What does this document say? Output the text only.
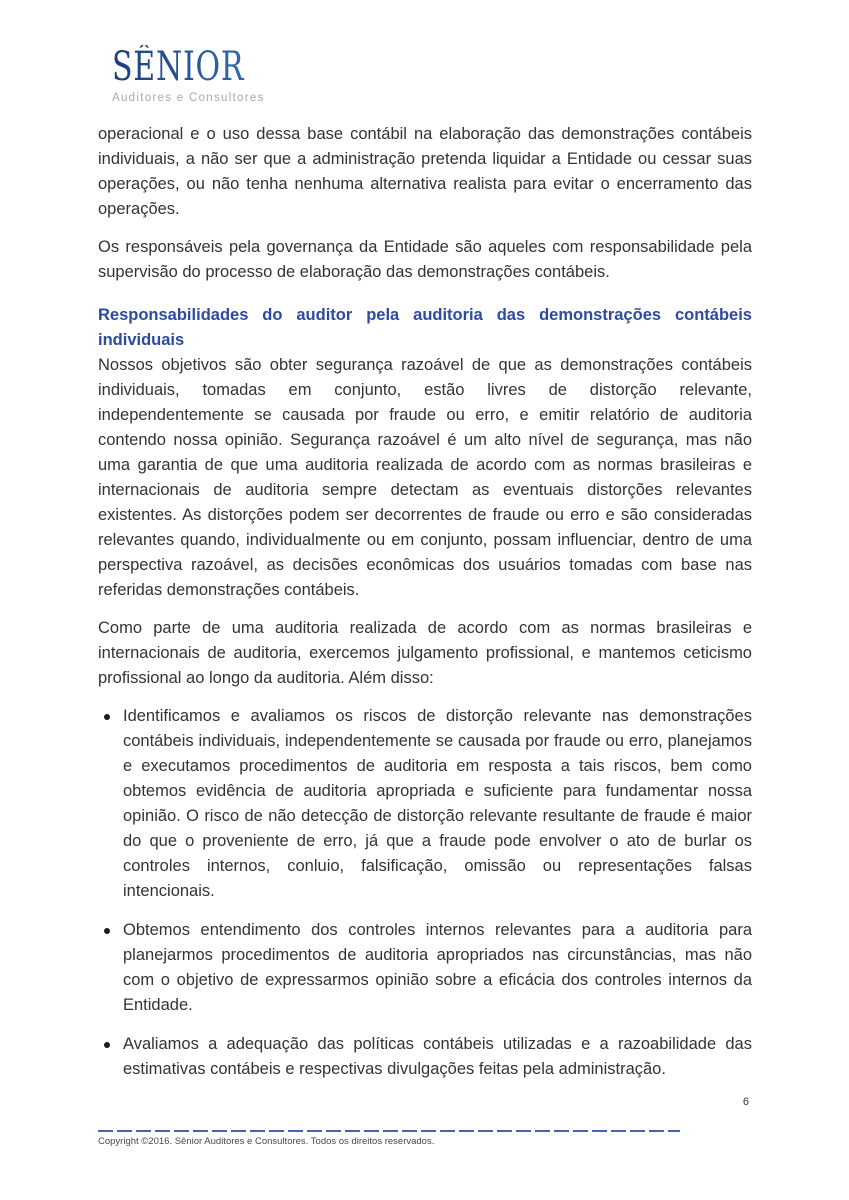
SÊNIOR
Auditores e Consultores

operacional e o uso dessa base contábil na elaboração das demonstrações contábeis individuais, a não ser que a administração pretenda liquidar a Entidade ou cessar suas operações, ou não tenha nenhuma alternativa realista para evitar o encerramento das operações.

Os responsáveis pela governança da Entidade são aqueles com responsabilidade pela supervisão do processo de elaboração das demonstrações contábeis.

Responsabilidades do auditor pela auditoria das demonstrações contábeis individuais

Nossos objetivos são obter segurança razoável de que as demonstrações contábeis individuais, tomadas em conjunto, estão livres de distorção relevante, independentemente se causada por fraude ou erro, e emitir relatório de auditoria contendo nossa opinião. Segurança razoável é um alto nível de segurança, mas não uma garantia de que uma auditoria realizada de acordo com as normas brasileiras e internacionais de auditoria sempre detectam as eventuais distorções relevantes existentes. As distorções podem ser decorrentes de fraude ou erro e são consideradas relevantes quando, individualmente ou em conjunto, possam influenciar, dentro de uma perspectiva razoável, as decisões econômicas dos usuários tomadas com base nas referidas demonstrações contábeis.

Como parte de uma auditoria realizada de acordo com as normas brasileiras e internacionais de auditoria, exercemos julgamento profissional, e mantemos ceticismo profissional ao longo da auditoria. Além disso:

Identificamos e avaliamos os riscos de distorção relevante nas demonstrações contábeis individuais, independentemente se causada por fraude ou erro, planejamos e executamos procedimentos de auditoria em resposta a tais riscos, bem como obtemos evidência de auditoria apropriada e suficiente para fundamentar nossa opinião. O risco de não detecção de distorção relevante resultante de fraude é maior do que o proveniente de erro, já que a fraude pode envolver o ato de burlar os controles internos, conluio, falsificação, omissão ou representações falsas intencionais.
Obtemos entendimento dos controles internos relevantes para a auditoria para planejarmos procedimentos de auditoria apropriados nas circunstâncias, mas não com o objetivo de expressarmos opinião sobre a eficácia dos controles internos da Entidade.
Avaliamos a adequação das políticas contábeis utilizadas e a razoabilidade das estimativas contábeis e respectivas divulgações feitas pela administração.
6
Copyright ©2016. Sênior Auditores e Consultores. Todos os direitos reservados.
